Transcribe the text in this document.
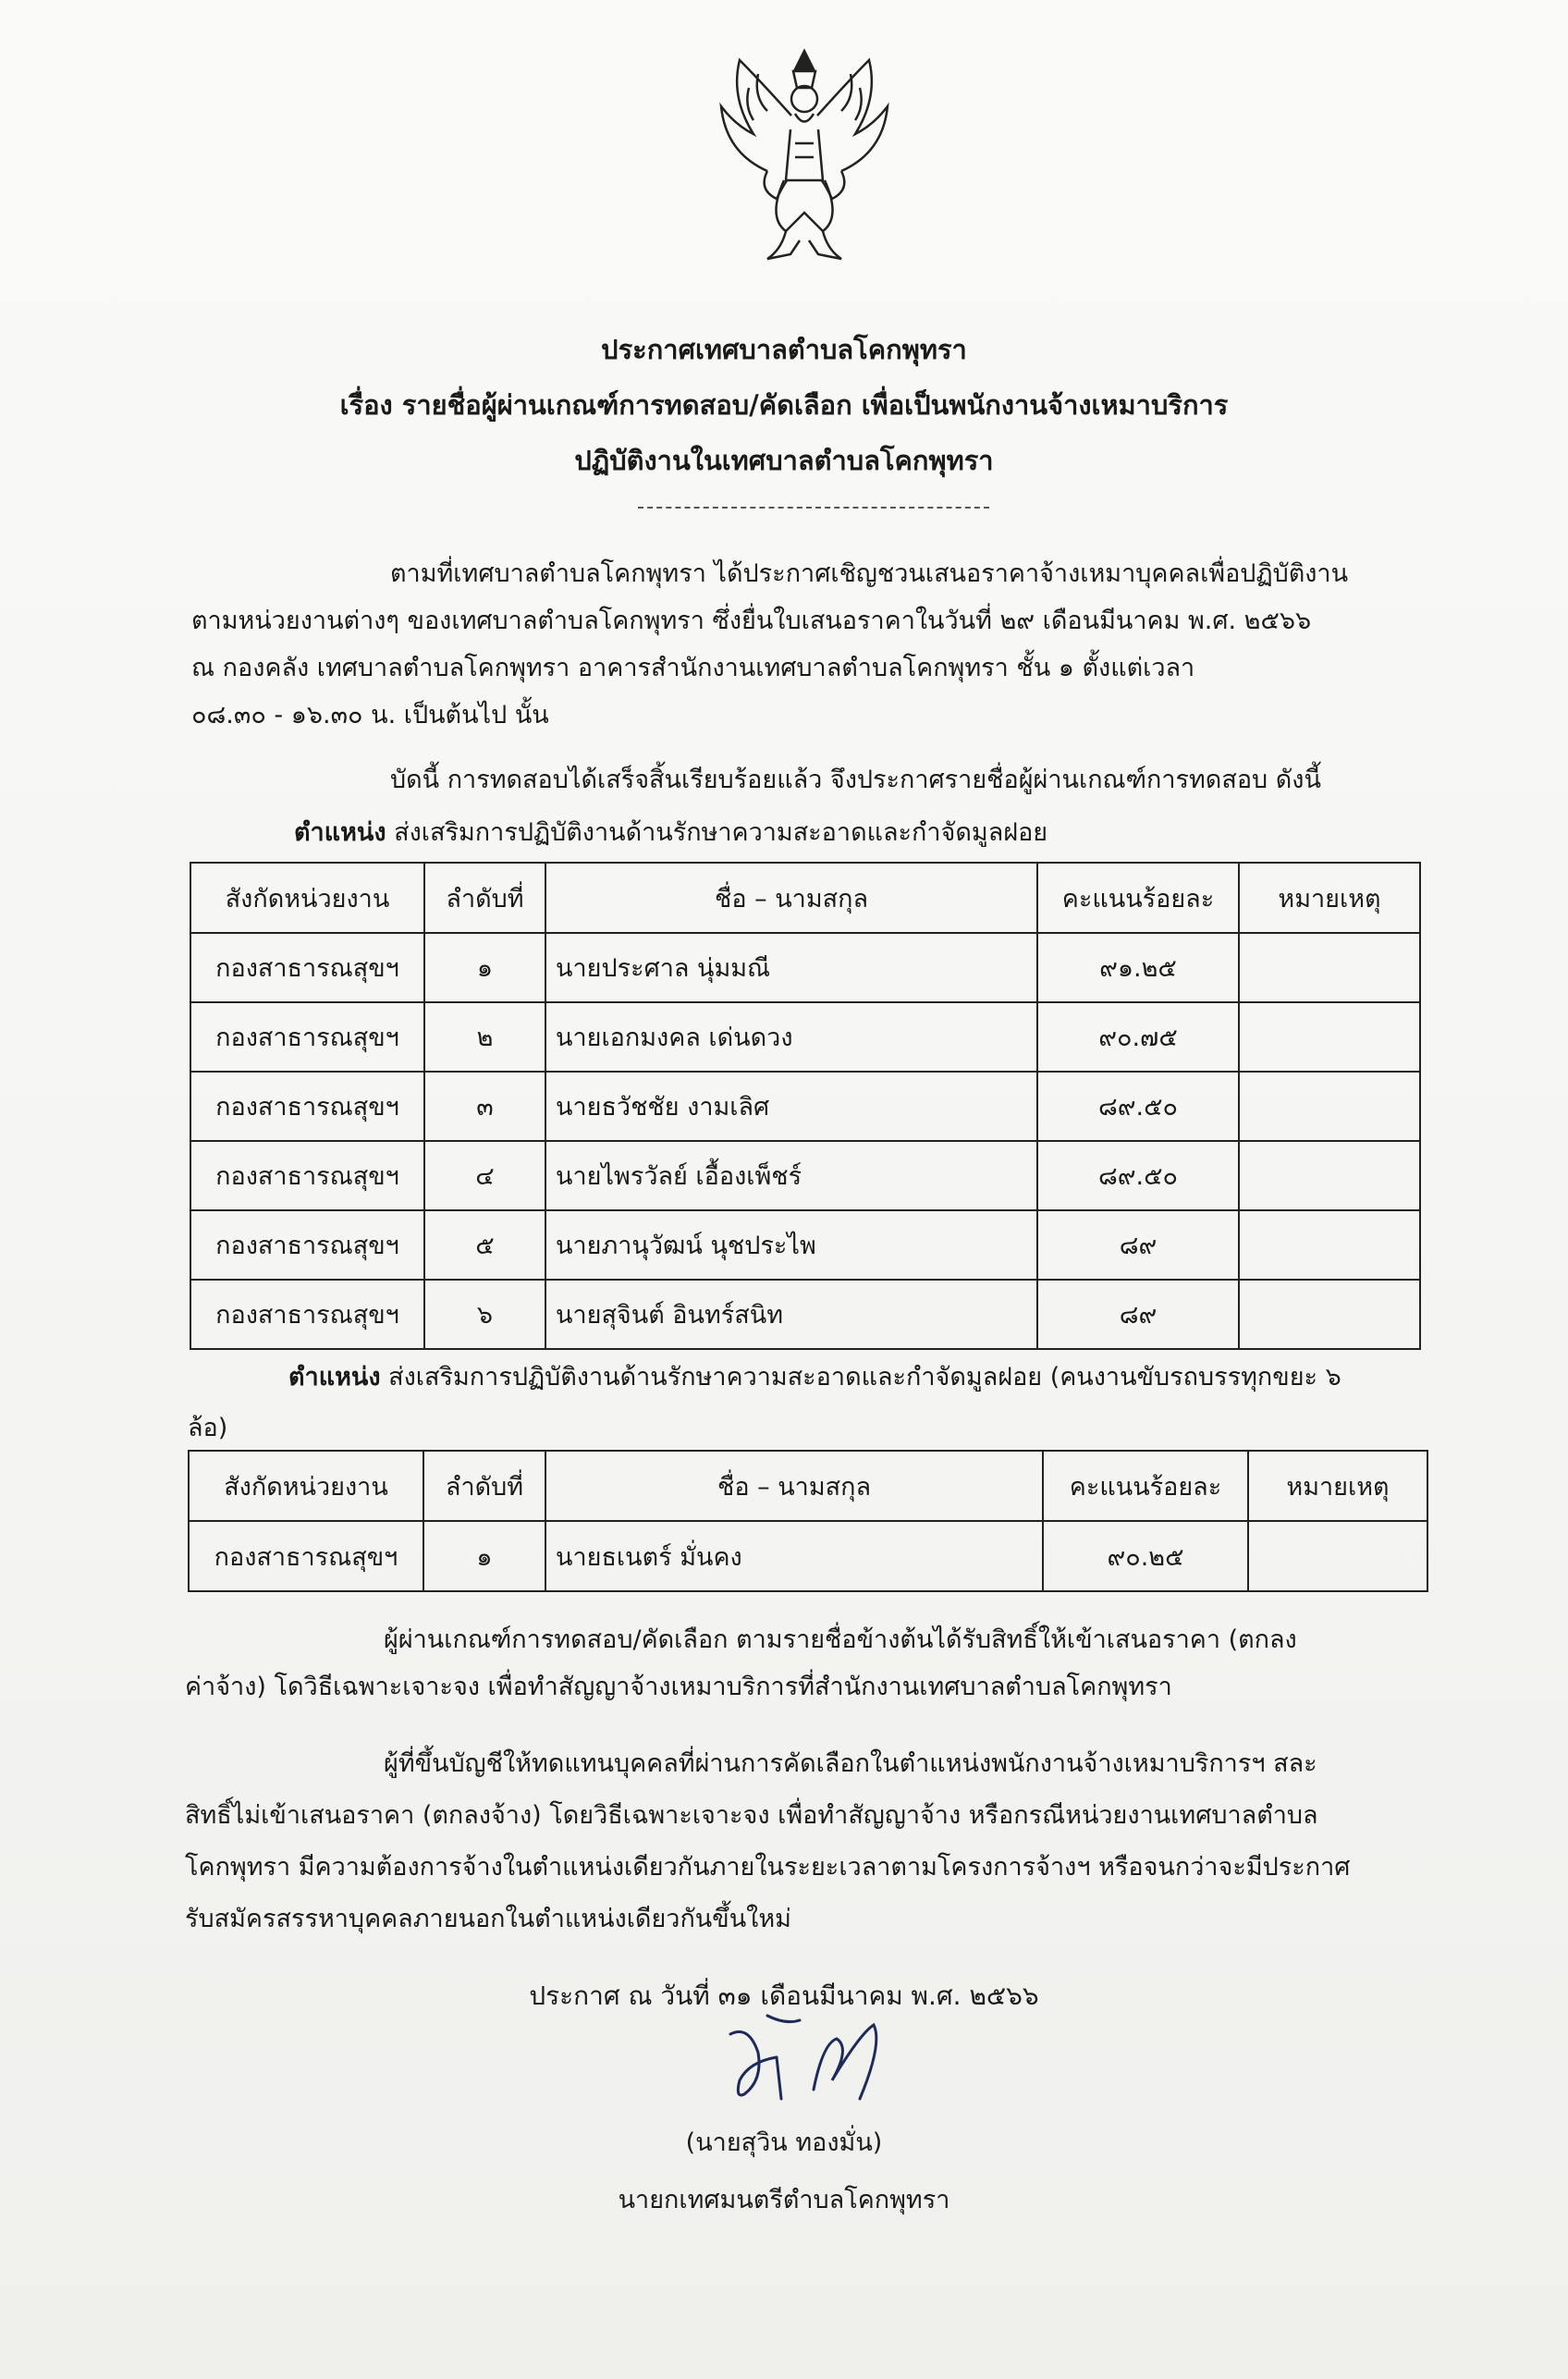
ประกาศเทศบาลตำบลโคกพุทรา
เรื่อง รายชื่อผู้ผ่านเกณฑ์การทดสอบ/คัดเลือก เพื่อเป็นพนักงานจ้างเหมาบริการ
ปฏิบัติงานในเทศบาลตำบลโคกพุทรา

ตามที่เทศบาลตำบลโคกพุทรา ได้ประกาศเชิญชวนเสนอราคาจ้างเหมาบุคคลเพื่อปฏิบัติงาน

ตามหน่วยงานต่างๆ ของเทศบาลตำบลโคกพุทรา ซึ่งยื่นใบเสนอราคาในวันที่ ๒๙ เดือนมีนาคม พ.ศ. ๒๕๖๖

ณ กองคลัง เทศบาลตำบลโคกพุทรา อาคารสำนักงานเทศบาลตำบลโคกพุทรา ชั้น ๑ ตั้งแต่เวลา

๐๘.๓๐ - ๑๖.๓๐ น. เป็นต้นไป นั้น

บัดนี้ การทดสอบได้เสร็จสิ้นเรียบร้อยแล้ว จึงประกาศรายชื่อผู้ผ่านเกณฑ์การทดสอบ ดังนี้
ตำแหน่ง ส่งเสริมการปฏิบัติงานด้านรักษาความสะอาดและกำจัดมูลฝอย
สังกัดหน่วยงาน	ลำดับที่	ชื่อ – นามสกุล	คะแนนร้อยละ	หมายเหตุ
กองสาธารณสุขฯ	๑	นายประศาล นุ่มมณี	๙๑.๒๕	
กองสาธารณสุขฯ	๒	นายเอกมงคล เด่นดวง	๙๐.๗๕	
กองสาธารณสุขฯ	๓	นายธวัชชัย งามเลิศ	๘๙.๕๐	
กองสาธารณสุขฯ	๔	นายไพรวัลย์ เอื้องเพ็ชร์	๘๙.๕๐	
กองสาธารณสุขฯ	๕	นายภานุวัฒน์ นุชประไพ	๘๙	
กองสาธารณสุขฯ	๖	นายสุจินต์ อินทร์สนิท	๘๙	
ตำแหน่ง ส่งเสริมการปฏิบัติงานด้านรักษาความสะอาดและกำจัดมูลฝอย (คนงานขับรถบรรทุกขยะ ๖
ล้อ)
สังกัดหน่วยงาน	ลำดับที่	ชื่อ – นามสกุล	คะแนนร้อยละ	หมายเหตุ
กองสาธารณสุขฯ	๑	นายธเนตร์ มั่นคง	๙๐.๒๕	

ผู้ผ่านเกณฑ์การทดสอบ/คัดเลือก ตามรายชื่อข้างต้นได้รับสิทธิ์ให้เข้าเสนอราคา (ตกลง

ค่าจ้าง) โดวิธีเฉพาะเจาะจง เพื่อทำสัญญาจ้างเหมาบริการที่สำนักงานเทศบาลตำบลโคกพุทรา

ผู้ที่ขึ้นบัญชีให้ทดแทนบุคคลที่ผ่านการคัดเลือกในตำแหน่งพนักงานจ้างเหมาบริการฯ สละ

สิทธิ์ไม่เข้าเสนอราคา (ตกลงจ้าง) โดยวิธีเฉพาะเจาะจง เพื่อทำสัญญาจ้าง หรือกรณีหน่วยงานเทศบาลตำบล

โคกพุทรา มีความต้องการจ้างในตำแหน่งเดียวกันภายในระยะเวลาตามโครงการจ้างฯ หรือจนกว่าจะมีประกาศ

รับสมัครสรรหาบุคคลภายนอกในตำแหน่งเดียวกันขึ้นใหม่

ประกาศ ณ วันที่ ๓๑ เดือนมีนาคม พ.ศ. ๒๕๖๖
(นายสุวิน ทองมั่น)
นายกเทศมนตรีตำบลโคกพุทรา
